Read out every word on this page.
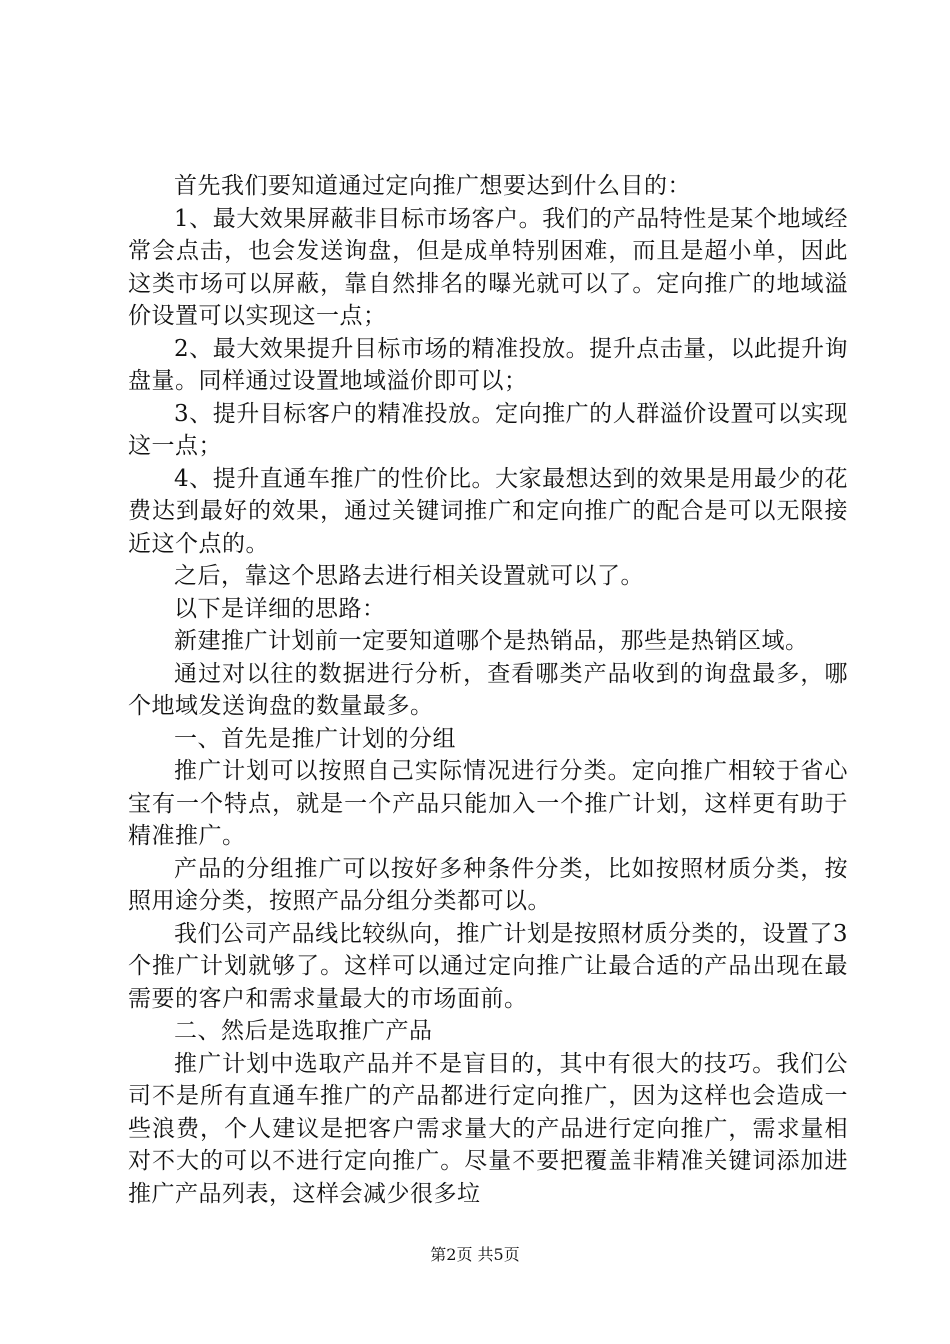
首先我们要知道通过定向推广想要达到什么目的：

1、最大效果屏蔽非目标市场客户。我们的产品特性是某个地域经常会点击，也会发送询盘，但是成单特别困难，而且是超小单，因此这类市场可以屏蔽，靠自然排名的曝光就可以了。定向推广的地域溢价设置可以实现这一点；

2、最大效果提升目标市场的精准投放。提升点击量，以此提升询盘量。同样通过设置地域溢价即可以；

3、提升目标客户的精准投放。定向推广的人群溢价设置可以实现这一点；

4、提升直通车推广的性价比。大家最想达到的效果是用最少的花费达到最好的效果，通过关键词推广和定向推广的配合是可以无限接近这个点的。

之后，靠这个思路去进行相关设置就可以了。

以下是详细的思路：

新建推广计划前一定要知道哪个是热销品，那些是热销区域。

通过对以往的数据进行分析，查看哪类产品收到的询盘最多，哪个地域发送询盘的数量最多。

一、首先是推广计划的分组

推广计划可以按照自己实际情况进行分类。定向推广相较于省心宝有一个特点，就是一个产品只能加入一个推广计划，这样更有助于精准推广。

产品的分组推广可以按好多种条件分类，比如按照材质分类，按照用途分类，按照产品分组分类都可以。

我们公司产品线比较纵向，推广计划是按照材质分类的，设置了3个推广计划就够了。这样可以通过定向推广让最合适的产品出现在最需要的客户和需求量最大的市场面前。

二、然后是选取推广产品

推广计划中选取产品并不是盲目的，其中有很大的技巧。我们公司不是所有直通车推广的产品都进行定向推广，因为这样也会造成一些浪费，个人建议是把客户需求量大的产品进行定向推广，需求量相对不大的可以不进行定向推广。尽量不要把覆盖非精准关键词添加进推广产品列表，这样会减少很多垃

第2页 共5页
